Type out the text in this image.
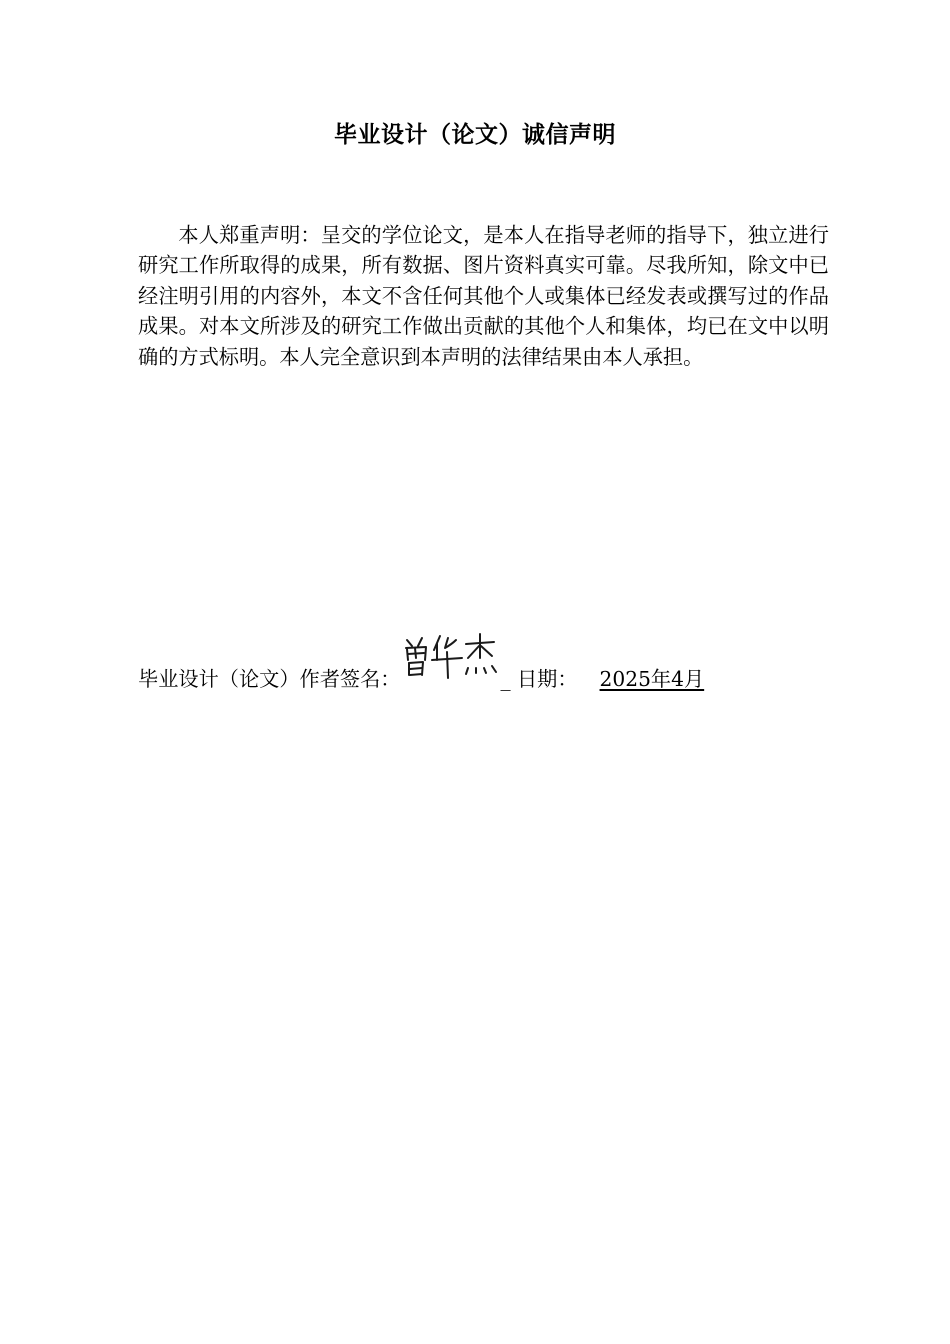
毕业设计（论文）诚信声明

本人郑重声明：呈交的学位论文，是本人在指导老师的指导下，独立进行研究工作所取得的成果，所有数据、图片资料真实可靠。尽我所知，除文中已经注明引用的内容外，本文不含任何其他个人或集体已经发表或撰写过的作品成果。对本文所涉及的研究工作做出贡献的其他个人和集体，均已在文中以明确的方式标明。本人完全意识到本声明的法律结果由本人承担。

毕业设计（论文）作者签名：
曾华杰
_ 日期： 2025年4月
